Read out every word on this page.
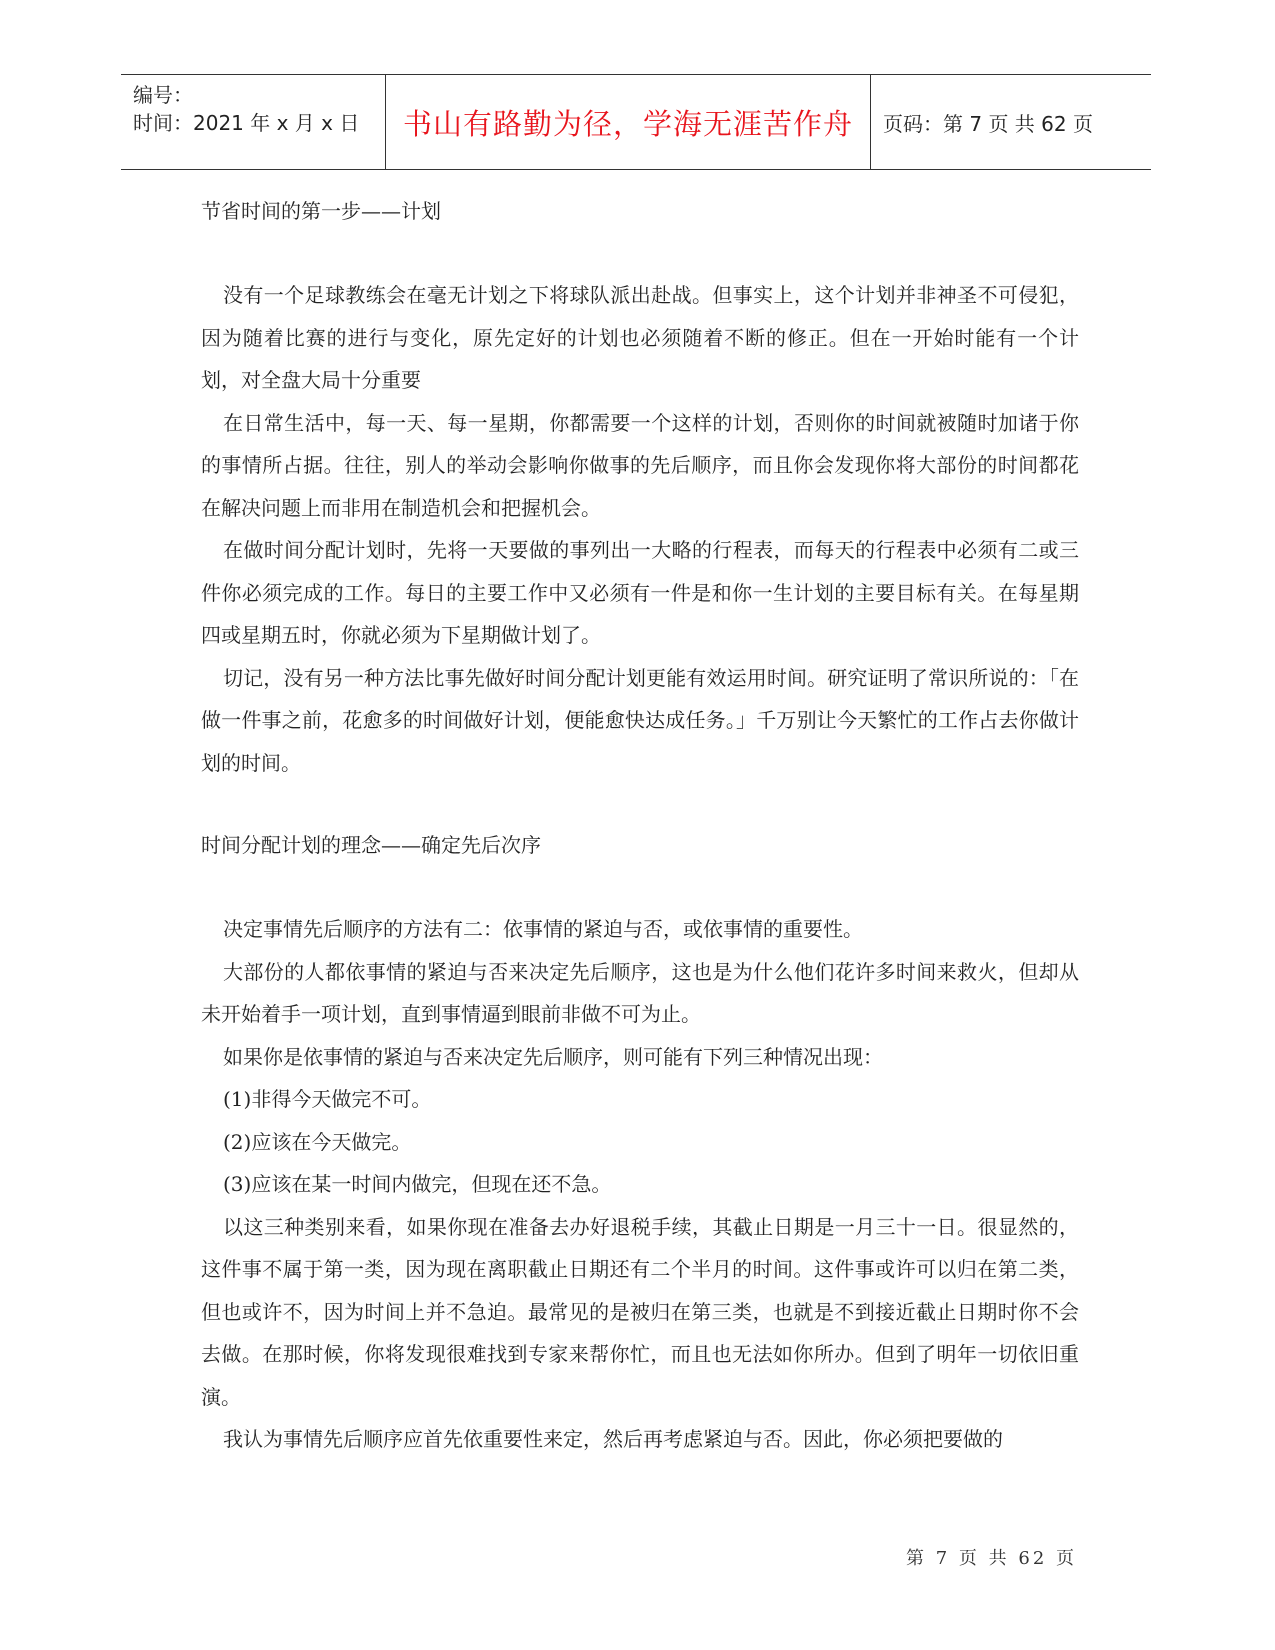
编号：
时间：2021 年 x 月 x 日	书山有路勤为径，学海无涯苦作舟	页码：第 7 页 共 62 页

节省时间的第一步——计划

没有一个足球教练会在毫无计划之下将球队派出赴战。但事实上，这个计划并非神圣不可侵犯，因为随着比赛的进行与变化，原先定好的计划也必须随着不断的修正。但在一开始时能有一个计划，对全盘大局十分重要

在日常生活中，每一天、每一星期，你都需要一个这样的计划，否则你的时间就被随时加诸于你的事情所占据。往往，别人的举动会影响你做事的先后顺序，而且你会发现你将大部份的时间都花在解决问题上而非用在制造机会和把握机会。

在做时间分配计划时，先将一天要做的事列出一大略的行程表，而每天的行程表中必须有二或三件你必须完成的工作。每日的主要工作中又必须有一件是和你一生计划的主要目标有关。在每星期四或星期五时，你就必须为下星期做计划了。

切记，没有另一种方法比事先做好时间分配计划更能有效运用时间。研究证明了常识所说的：「在做一件事之前，花愈多的时间做好计划，便能愈快达成任务。」千万别让今天繁忙的工作占去你做计划的时间。

时间分配计划的理念——确定先后次序

决定事情先后顺序的方法有二：依事情的紧迫与否，或依事情的重要性。

大部份的人都依事情的紧迫与否来决定先后顺序，这也是为什么他们花许多时间来救火，但却从未开始着手一项计划，直到事情逼到眼前非做不可为止。

如果你是依事情的紧迫与否来决定先后顺序，则可能有下列三种情况出现：

(1)非得今天做完不可。

(2)应该在今天做完。

(3)应该在某一时间内做完，但现在还不急。

以这三种类别来看，如果你现在准备去办好退税手续，其截止日期是一月三十一日。很显然的，这件事不属于第一类，因为现在离职截止日期还有二个半月的时间。这件事或许可以归在第二类，但也或许不，因为时间上并不急迫。最常见的是被归在第三类，也就是不到接近截止日期时你不会去做。在那时候，你将发现很难找到专家来帮你忙，而且也无法如你所办。但到了明年一切依旧重演。

我认为事情先后顺序应首先依重要性来定，然后再考虑紧迫与否。因此，你必须把要做的

第 7 页 共 62 页
